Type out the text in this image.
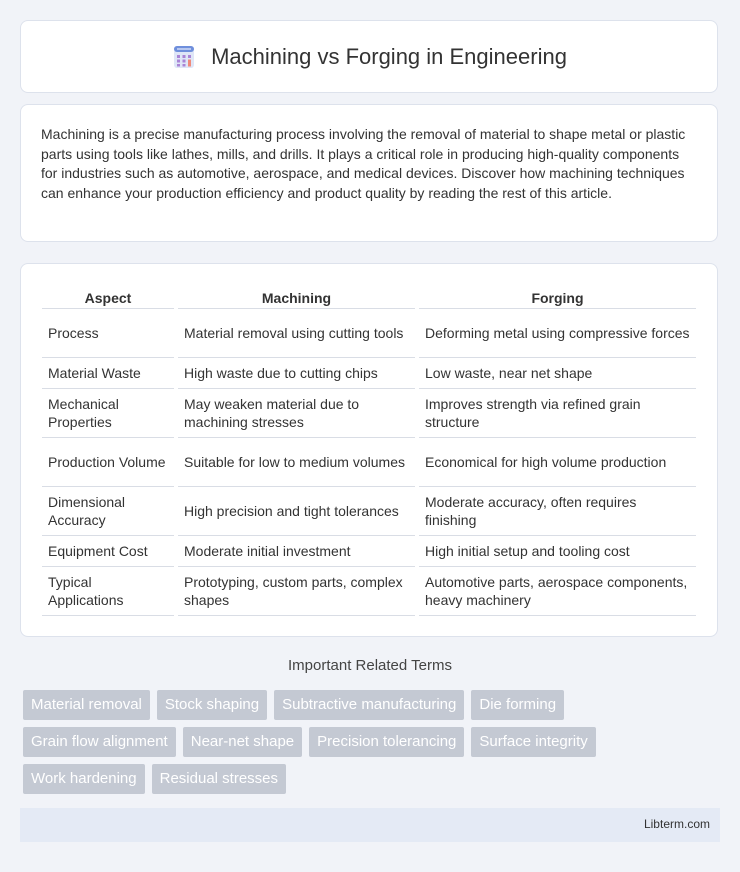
Machining vs Forging in Engineering

Machining is a precise manufacturing process involving the removal of material to shape metal or plastic parts using tools like lathes, mills, and drills. It plays a critical role in producing high-quality components for industries such as automotive, aerospace, and medical devices. Discover how machining techniques can enhance your production efficiency and product quality by reading the rest of this article.

Aspect	Machining	Forging
Process	Material removal using cutting tools	Deforming metal using compressive forces
Material Waste	High waste due to cutting chips	Low waste, near net shape
Mechanical Properties	May weaken material due to machining stresses	Improves strength via refined grain structure
Production Volume	Suitable for low to medium volumes	Economical for high volume production
Dimensional Accuracy	High precision and tight tolerances	Moderate accuracy, often requires finishing
Equipment Cost	Moderate initial investment	High initial setup and tooling cost
Typical Applications	Prototyping, custom parts, complex shapes	Automotive parts, aerospace components, heavy machinery
Important Related Terms
Material removal	Stock shaping	Subtractive manufacturing	Die forming
Grain flow alignment	Near-net shape	Precision tolerancing	Surface integrity
Work hardening	Residual stresses
Libterm.com
